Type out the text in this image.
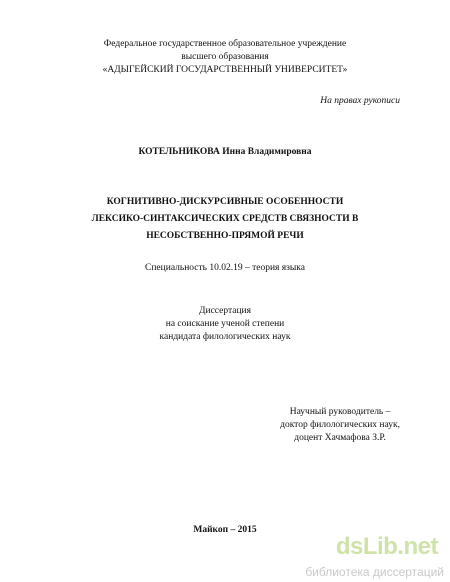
Федеральное государственное образовательное учреждение
высшего образования
«АДЫГЕЙСКИЙ ГОСУДАРСТВЕННЫЙ УНИВЕРСИТЕТ»
На правах рукописи
КОТЕЛЬНИКОВА Инна Владимировна
КОГНИТИВНО-ДИСКУРСИВНЫЕ ОСОБЕННОСТИ
ЛЕКСИКО-СИНТАКСИЧЕСКИХ СРЕДСТВ СВЯЗНОСТИ В
НЕСОБСТВЕННО-ПРЯМОЙ РЕЧИ
Специальность 10.02.19 – теория языка
Диссертация
на соискание ученой степени
кандидата филологических наук
Научный руководитель –
доктор филологических наук,
доцент Хачмафова З.Р.
Майкоп – 2015
dsLib.net
библиотека диссертаций
